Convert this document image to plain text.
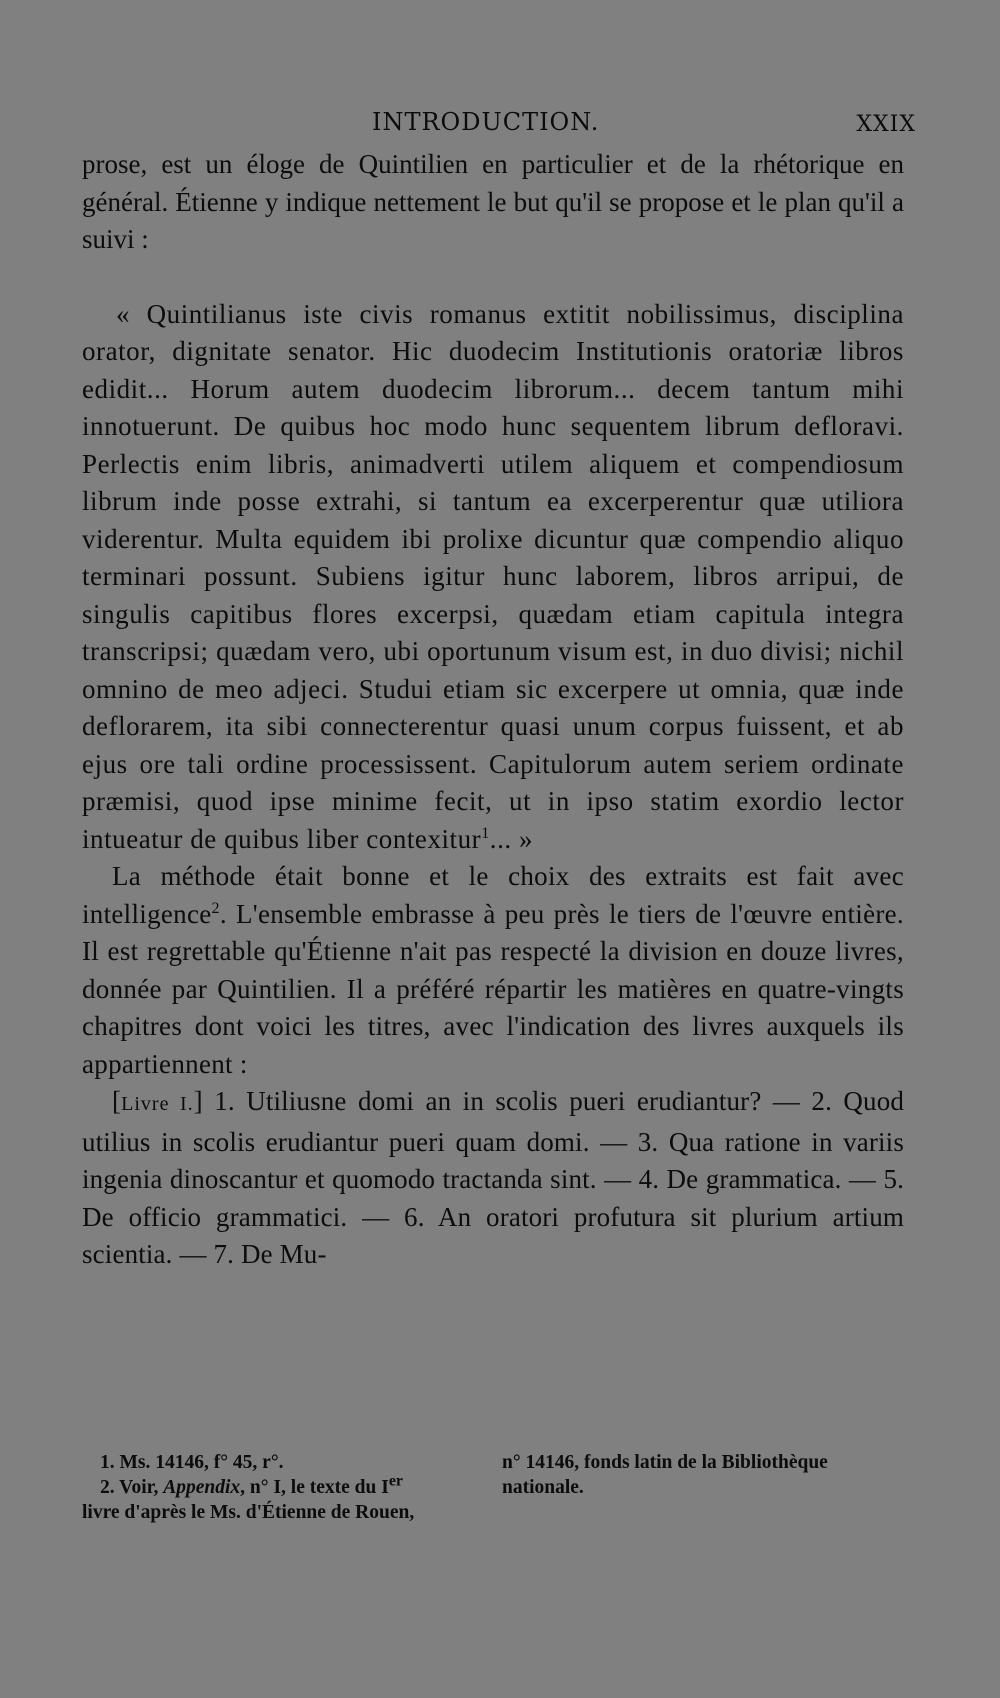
INTRODUCTION.	XXIX

prose, est un éloge de Quintilien en particulier et de la rhétorique en général. Étienne y indique nettement le but qu'il se propose et le plan qu'il a suivi :

« Quintilianus iste civis romanus extitit nobilissimus, disciplina orator, dignitate senator. Hic duodecim Institutionis oratoriæ libros edidit... Horum autem duodecim librorum... decem tantum mihi innotuerunt. De quibus hoc modo hunc sequentem librum defloravi. Perlectis enim libris, animadverti utilem aliquem et compendiosum librum inde posse extrahi, si tantum ea excerperentur quæ utiliora viderentur. Multa equidem ibi prolixe dicuntur quæ compendio aliquo terminari possunt. Subiens igitur hunc laborem, libros arripui, de singulis capitibus flores excerpsi, quædam etiam capitula integra transcripsi; quædam vero, ubi oportunum visum est, in duo divisi; nichil omnino de meo adjeci. Studui etiam sic excerpere ut omnia, quæ inde deflorarem, ita sibi connecterentur quasi unum corpus fuissent, et ab ejus ore tali ordine processissent. Capitulorum autem seriem ordinate præmisi, quod ipse minime fecit, ut in ipso statim exordio lector intueatur de quibus liber contexitur$^1$... »

La méthode était bonne et le choix des extraits est fait avec intelligence$^2$. L'ensemble embrasse à peu près le tiers de l'œuvre entière. Il est regrettable qu'Étienne n'ait pas respecté la division en douze livres, donnée par Quintilien. Il a préféré répartir les matières en quatre-vingts chapitres dont voici les titres, avec l'indication des livres auxquels ils appartiennent :

[Livre I.] 1. Utiliusne domi an in scolis pueri erudiantur? — 2. Quod utilius in scolis erudiantur pueri quam domi. — 3. Qua ratione in variis ingenia dinoscantur et quomodo tractanda sint. — 4. De grammatica. — 5. De officio grammatici. — 6. An oratori profutura sit plurium artium scientia. — 7. De Mu-

1. Ms. 14146, f° 45, r°.
2. Voir, Appendix, n° I, le texte du Ier
livre d'après le Ms. d'Étienne de Rouen,
n° 14146, fonds latin de la Bibliothèque
nationale.
